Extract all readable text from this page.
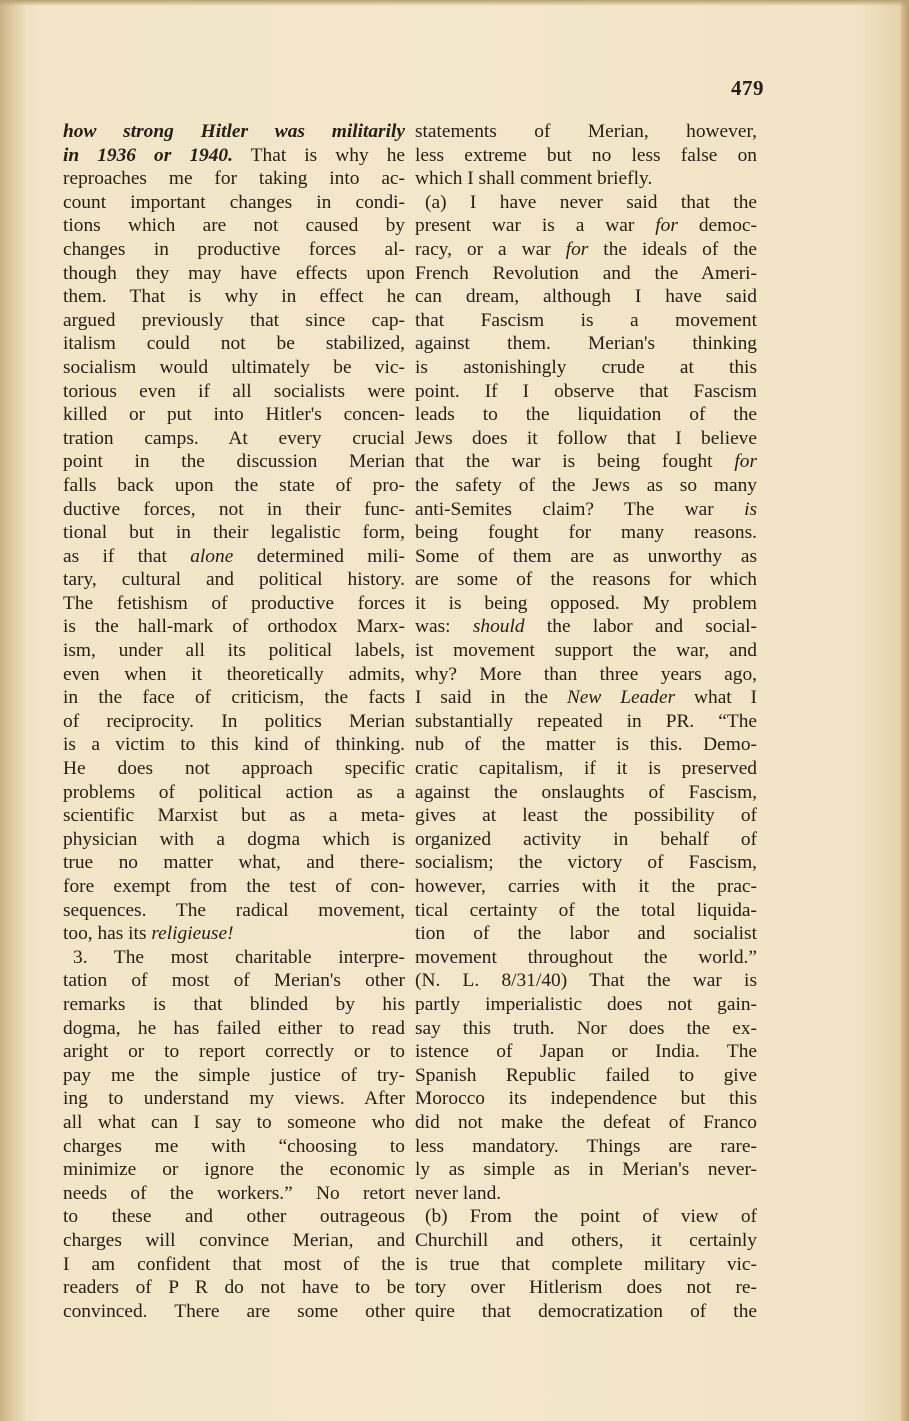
479
how strong Hitler was militarily
in 1936 or 1940. That is why he
reproaches me for taking into ac-
count important changes in condi-
tions which are not caused by
changes in productive forces al-
though they may have effects upon
them. That is why in effect he
argued previously that since cap-
italism could not be stabilized,
socialism would ultimately be vic-
torious even if all socialists were
killed or put into Hitler's concen-
tration camps. At every crucial
point in the discussion Merian
falls back upon the state of pro-
ductive forces, not in their func-
tional but in their legalistic form,
as if that alone determined mili-
tary, cultural and political history.
The fetishism of productive forces
is the hall-mark of orthodox Marx-
ism, under all its political labels,
even when it theoretically admits,
in the face of criticism, the facts
of reciprocity. In politics Merian
is a victim to this kind of thinking.
He does not approach specific
problems of political action as a
scientific Marxist but as a meta-
physician with a dogma which is
true no matter what, and there-
fore exempt from the test of con-
sequences. The radical movement,
too, has its religieuse!
3. The most charitable interpre-
tation of most of Merian's other
remarks is that blinded by his
dogma, he has failed either to read
aright or to report correctly or to
pay me the simple justice of try-
ing to understand my views. After
all what can I say to someone who
charges me with “choosing to
minimize or ignore the economic
needs of the workers.” No retort
to these and other outrageous
charges will convince Merian, and
I am confident that most of the
readers of P R do not have to be
convinced. There are some other
statements of Merian, however,
less extreme but no less false on
which I shall comment briefly.
(a) I have never said that the
present war is a war for democ-
racy, or a war for the ideals of the
French Revolution and the Ameri-
can dream, although I have said
that Fascism is a movement
against them. Merian's thinking
is astonishingly crude at this
point. If I observe that Fascism
leads to the liquidation of the
Jews does it follow that I believe
that the war is being fought for
the safety of the Jews as so many
anti-Semites claim? The war is
being fought for many reasons.
Some of them are as unworthy as
are some of the reasons for which
it is being opposed. My problem
was: should the labor and social-
ist movement support the war, and
why? More than three years ago,
I said in the New Leader what I
substantially repeated in PR. “The
nub of the matter is this. Demo-
cratic capitalism, if it is preserved
against the onslaughts of Fascism,
gives at least the possibility of
organized activity in behalf of
socialism; the victory of Fascism,
however, carries with it the prac-
tical certainty of the total liquida-
tion of the labor and socialist
movement throughout the world.”
(N. L. 8/31/40) That the war is
partly imperialistic does not gain-
say this truth. Nor does the ex-
istence of Japan or India. The
Spanish Republic failed to give
Morocco its independence but this
did not make the defeat of Franco
less mandatory. Things are rare-
ly as simple as in Merian's never-
never land.
(b) From the point of view of
Churchill and others, it certainly
is true that complete military vic-
tory over Hitlerism does not re-
quire that democratization of the
